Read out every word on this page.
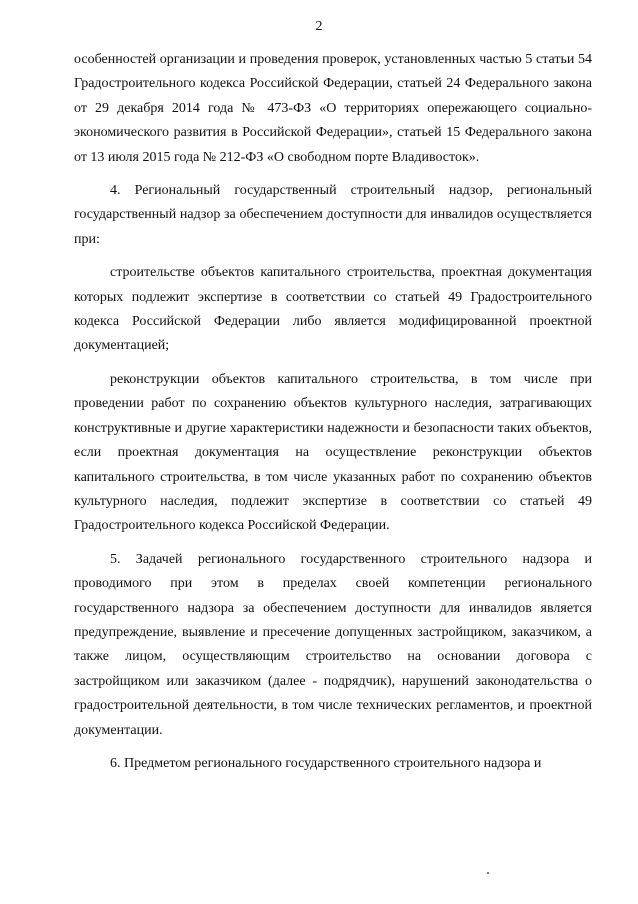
2

особенностей организации и проведения проверок, установленных частью 5 статьи 54 Градостроительного кодекса Российской Федерации, статьей 24 Федерального закона от 29 декабря 2014 года № 473-ФЗ «О территориях опережающего социально-экономического развития в Российской Федерации», статьей 15 Федерального закона от 13 июля 2015 года № 212-ФЗ «О свободном порте Владивосток».

4. Региональный государственный строительный надзор, региональный государственный надзор за обеспечением доступности для инвалидов осуществляется при:

строительстве объектов капитального строительства, проектная документация которых подлежит экспертизе в соответствии со статьей 49 Градостроительного кодекса Российской Федерации либо является модифицированной проектной документацией;

реконструкции объектов капитального строительства, в том числе при проведении работ по сохранению объектов культурного наследия, затрагивающих конструктивные и другие характеристики надежности и безопасности таких объектов, если проектная документация на осуществление реконструкции объектов капитального строительства, в том числе указанных работ по сохранению объектов культурного наследия, подлежит экспертизе в соответствии со статьей 49 Градостроительного кодекса Российской Федерации.

5. Задачей регионального государственного строительного надзора и проводимого при этом в пределах своей компетенции регионального государственного надзора за обеспечением доступности для инвалидов является предупреждение, выявление и пресечение допущенных застройщиком, заказчиком, а также лицом, осуществляющим строительство на основании договора с застройщиком или заказчиком (далее - подрядчик), нарушений законодательства о градостроительной деятельности, в том числе технических регламентов, и проектной документации.

6. Предметом регионального государственного строительного надзора и
